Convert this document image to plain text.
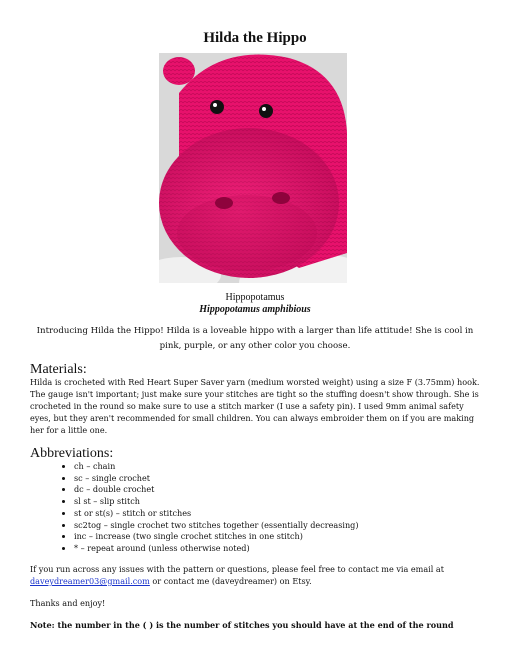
Hilda the Hippo
Hippopotamus
Hippopotamus amphibious

Introducing Hilda the Hippo! Hilda is a loveable hippo with a larger than life attitude! She is cool in pink, purple, or any other color you choose.

Materials:

Hilda is crocheted with Red Heart Super Saver yarn (medium worsted weight) using a size F (3.75mm) hook. The gauge isn't important; just make sure your stitches are tight so the stuffing doesn't show through. She is crocheted in the round so make sure to use a stitch marker (I use a safety pin). I used 9mm animal safety eyes, but they aren't recommended for small children. You can always embroider them on if you are making her for a little one.

Abbreviations:
• ch – chain
• sc – single crochet
• dc – double crochet
• sl st – slip stitch
• st or st(s) – stitch or stitches
• sc2tog – single crochet two stitches together (essentially decreasing)
• inc – increase (two single crochet stitches in one stitch)
• * – repeat around (unless otherwise noted)

If you run across any issues with the pattern or questions, please feel free to contact me via email at daveydreamer03@gmail.com or contact me (daveydreamer) on Etsy.

Thanks and enjoy!

Note: the number in the ( ) is the number of stitches you should have at the end of the round
